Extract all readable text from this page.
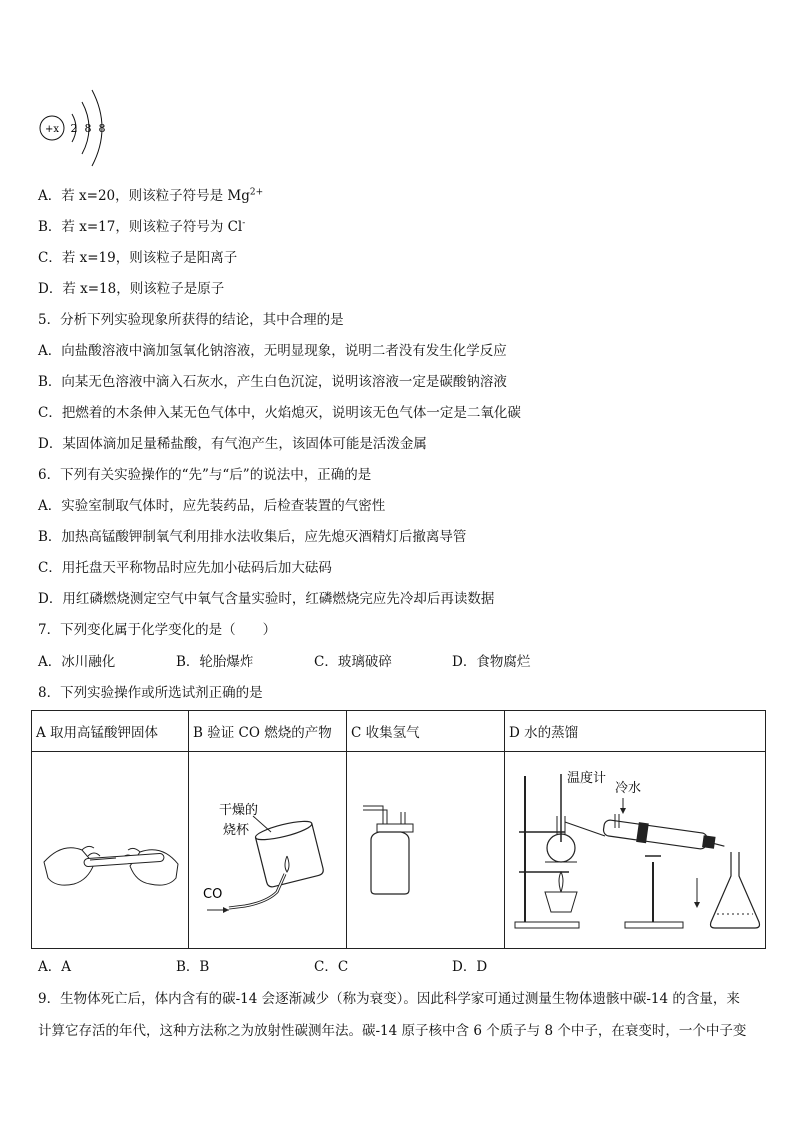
+x 2 8 8
A．若 x=20，则该粒子符号是 $Mg^{2+}$
B．若 x=17，则该粒子符号为 Cl-
C．若 x=19，则该粒子是阳离子
D．若 x=18，则该粒子是原子
5．分析下列实验现象所获得的结论，其中合理的是
A．向盐酸溶液中滴加氢氧化钠溶液，无明显现象，说明二者没有发生化学反应
B．向某无色溶液中滴入石灰水，产生白色沉淀，说明该溶液一定是碳酸钠溶液
C．把燃着的木条伸入某无色气体中，火焰熄灭，说明该无色气体一定是二氧化碳
D．某固体滴加足量稀盐酸，有气泡产生，该固体可能是活泼金属
6．下列有关实验操作的“先”与“后”的说法中，正确的是
A．实验室制取气体时，应先装药品，后检查装置的气密性
B．加热高锰酸钾制氧气利用排水法收集后，应先熄灭酒精灯后撤离导管
C．用托盘天平称物品时应先加小砝码后加大砝码
D．用红磷燃烧测定空气中氧气含量实验时，红磷燃烧完应先冷却后再读数据
7．下列变化属于化学变化的是（　　）
A．冰川融化	B．轮胎爆炸	C．玻璃破碎	D．食物腐烂
8．下列实验操作或所选试剂正确的是
A 取用高锰酸钾固体	B 验证 CO 燃烧的产物	C 收集氢气	D 水的蒸馏

干燥的
烧杯
CO		温度计
冷水
A．A	B．B	C．C	D．D
9．生物体死亡后，体内含有的碳-14 会逐渐减少（称为衰变）。因此科学家可通过测量生物体遗骸中碳-14 的含量，来
计算它存活的年代，这种方法称之为放射性碳测年法。碳-14 原子核中含 6 个质子与 8 个中子，在衰变时，一个中子变
